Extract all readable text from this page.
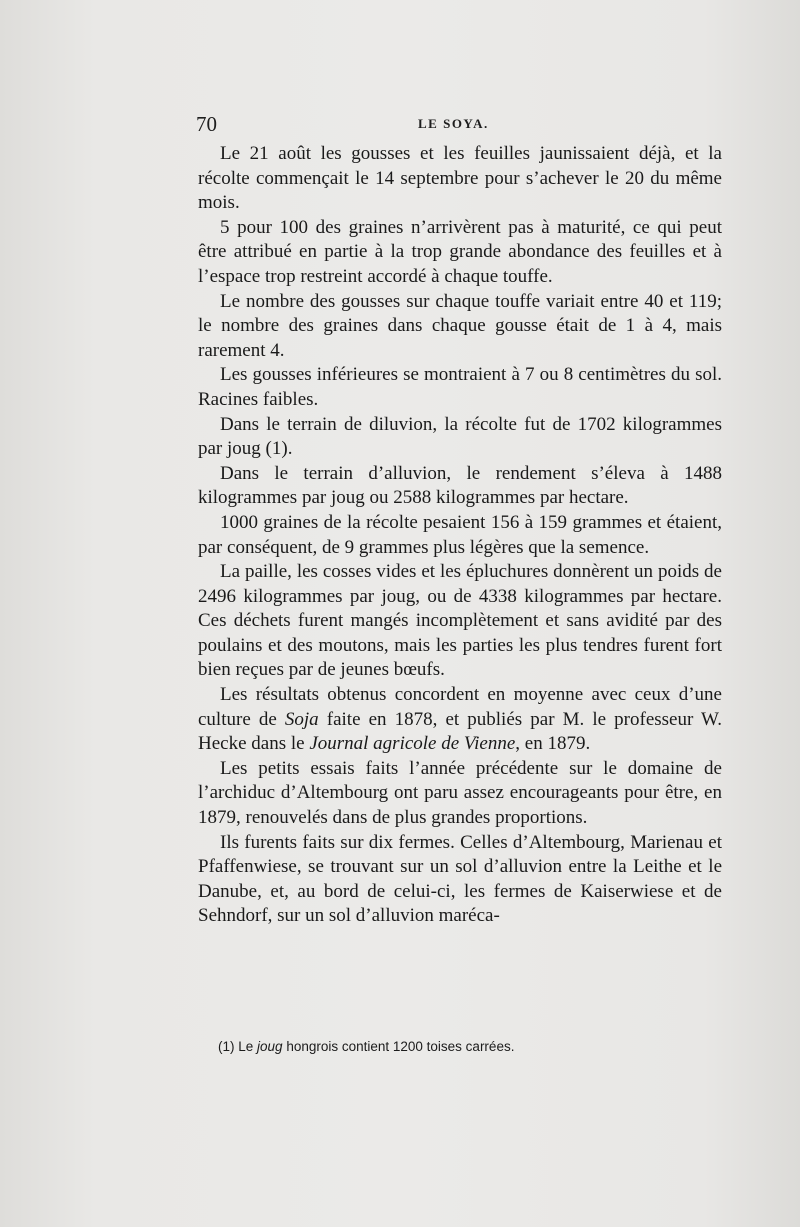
70	LE SOYA.

Le 21 août les gousses et les feuilles jaunissaient déjà, et la récolte commençait le 14 septembre pour s’achever le 20 du même mois.

5 pour 100 des graines n’arrivèrent pas à maturité, ce qui peut être attribué en partie à la trop grande abondance des feuilles et à l’espace trop restreint accordé à chaque touffe.

Le nombre des gousses sur chaque touffe variait entre 40 et 119; le nombre des graines dans chaque gousse était de 1 à 4, mais rarement 4.

Les gousses inférieures se montraient à 7 ou 8 centimètres du sol. Racines faibles.

Dans le terrain de diluvion, la récolte fut de 1702 kilogrammes par joug (1).

Dans le terrain d’alluvion, le rendement s’éleva à 1488 kilogrammes par joug ou 2588 kilogrammes par hectare.

1000 graines de la récolte pesaient 156 à 159 grammes et étaient, par conséquent, de 9 grammes plus légères que la semence.

La paille, les cosses vides et les épluchures donnèrent un poids de 2496 kilogrammes par joug, ou de 4338 kilogrammes par hectare. Ces déchets furent mangés incomplètement et sans avidité par des poulains et des moutons, mais les parties les plus tendres furent fort bien reçues par de jeunes bœufs.

Les résultats obtenus concordent en moyenne avec ceux d’une culture de Soja faite en 1878, et publiés par M. le professeur W. Hecke dans le Journal agricole de Vienne, en 1879.

Les petits essais faits l’année précédente sur le domaine de l’archiduc d’Altembourg ont paru assez encourageants pour être, en 1879, renouvelés dans de plus grandes proportions.

Ils furents faits sur dix fermes. Celles d’Altembourg, Marienau et Pfaffenwiese, se trouvant sur un sol d’alluvion entre la Leithe et le Danube, et, au bord de celui-ci, les fermes de Kaiserwiese et de Sehndorf, sur un sol d’alluvion maréca-

(1) Le joug hongrois contient 1200 toises carrées.
